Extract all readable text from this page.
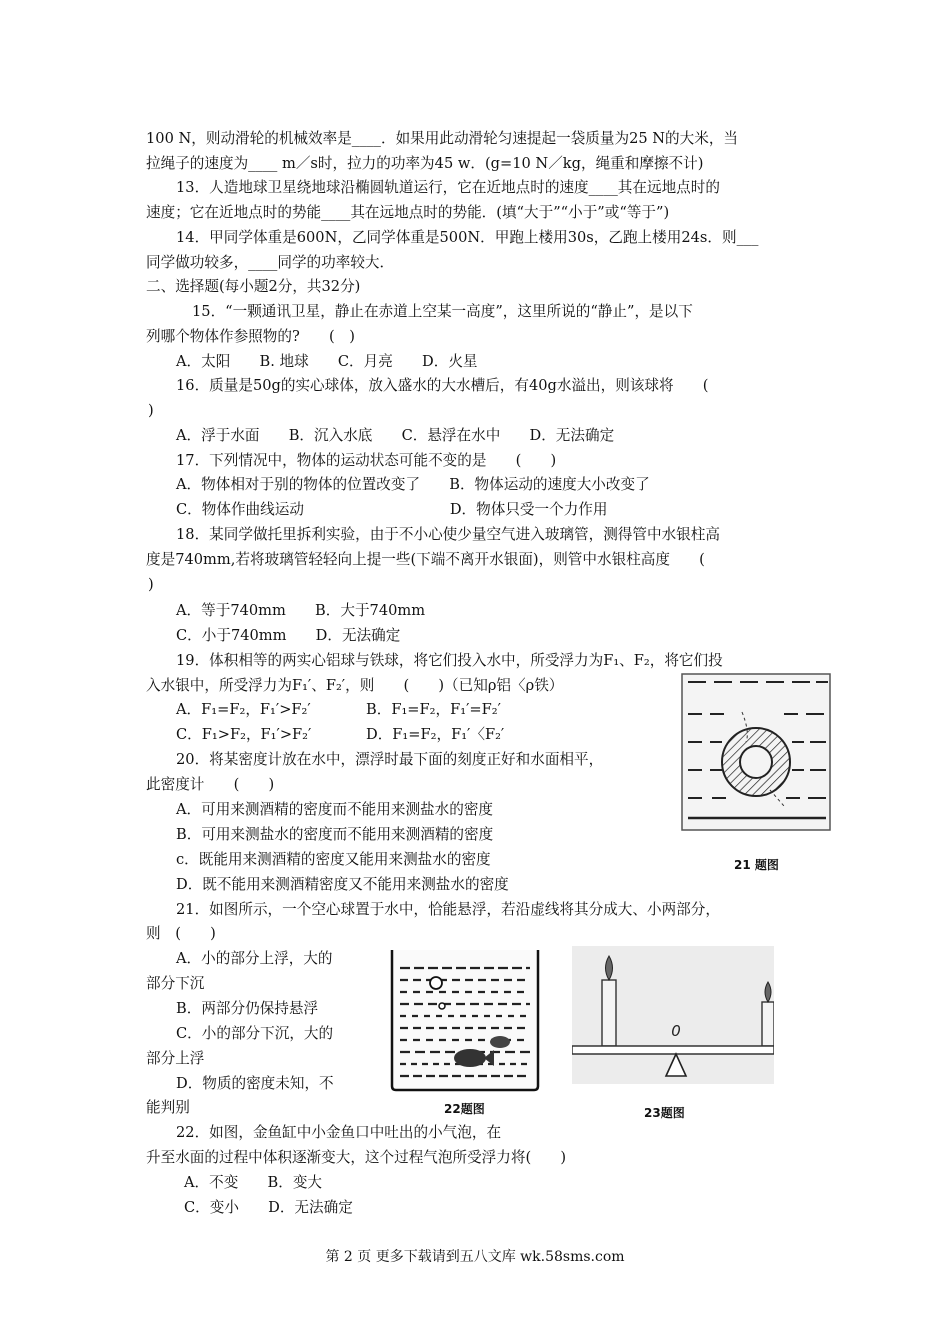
100 N，则动滑轮的机械效率是____．如果用此动滑轮匀速提起一袋质量为25 N的大米，当
拉绳子的速度为____ m／s时，拉力的功率为45 w．(g=10 N／kg，绳重和摩擦不计)
13．人造地球卫星绕地球沿椭圆轨道运行，它在近地点时的速度____其在远地点时的
速度；它在近地点时的势能____其在远地点时的势能．(填“大于”“小于”或“等于”)
14．甲同学体重是600N，乙同学体重是500N．甲跑上楼用30s，乙跑上楼用24s．则___
同学做功较多，____同学的功率较大．
二、选择题(每小题2分，共32分)
15．“一颗通讯卫星，静止在赤道上空某一高度”，这里所说的“静止”，是以下
列哪个物体作参照物的?　　(　)
A．太阳　　B. 地球　　C．月亮　　D．火星
16．质量是50g的实心球体，放入盛水的大水槽后，有40g水溢出，则该球将　　(
)
A．浮于水面　　B．沉入水底　　C．悬浮在水中　　D．无法确定
17．下列情况中，物体的运动状态可能不变的是　　(　　)
A．物体相对于别的物体的位置改变了　　B．物体运动的速度大小改变了
C．物体作曲线运动　　　　　　　　　　D．物体只受一个力作用
18．某同学做托里拆利实验，由于不小心使少量空气进入玻璃管，测得管中水银柱高
度是740mm,若将玻璃管轻轻向上提一些(下端不离开水银面)，则管中水银柱高度　　(
)
A．等于740mm　　B．大于740mm
C．小于740mm　　D．无法确定
19．体积相等的两实心铝球与铁球，将它们投入水中，所受浮力为F₁、F₂，将它们投
入水银中，所受浮力为F₁′、F₂′，则　　(　　)（已知ρ铝〈ρ铁）
A．F₁=F₂，F₁′>F₂′	B．F₁=F₂，F₁′=F₂′
C．F₁>F₂，F₁′>F₂′	D．F₁=F₂，F₁′〈F₂′
20．将某密度计放在水中，漂浮时最下面的刻度正好和水面相平，
此密度计　　(　　)
A．可用来测酒精的密度而不能用来测盐水的密度
B．可用来测盐水的密度而不能用来测酒精的密度
c．既能用来测酒精的密度又能用来测盐水的密度
D．既不能用来测酒精密度又不能用来测盐水的密度
21．如图所示，一个空心球置于水中，恰能悬浮，若沿虚线将其分成大、小两部分，
则　(　　)
A．小的部分上浮，大的
部分下沉
B．两部分仍保持悬浮
C．小的部分下沉，大的
部分上浮
D．物质的密度未知，不
能判别
22．如图，金鱼缸中小金鱼口中吐出的小气泡，在
升至水面的过程中体积逐渐变大，这个过程气泡所受浮力将(　　)
A．不变　　B．变大
C．变小　　D．无法确定
21 题图
22题图
0
23题图
第 2 页 更多下载请到五八文库 wk.58sms.com
